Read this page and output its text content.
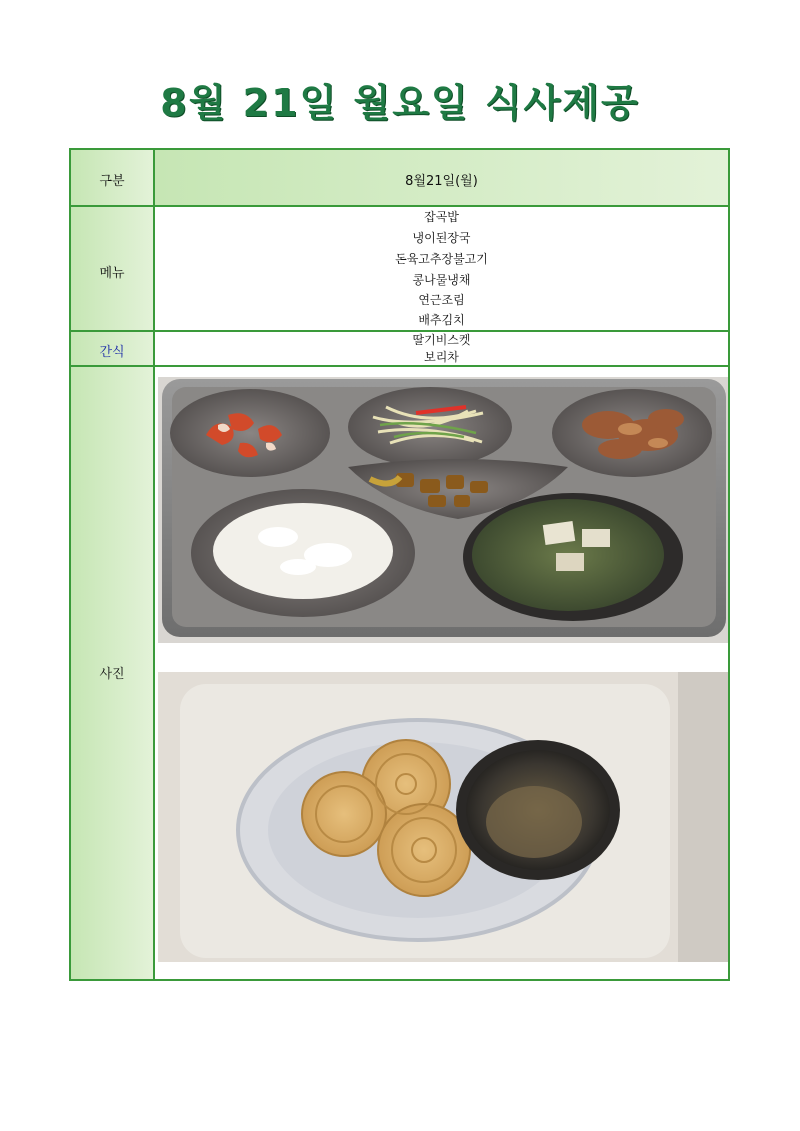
8월 21일 월요일 식사제공
구분	8월21일(월)
메뉴
잡곡밥
냉이된장국
돈육고추장불고기
콩나물냉채
연근조림
배추김치
간식
딸기비스켓
보리차
사진
